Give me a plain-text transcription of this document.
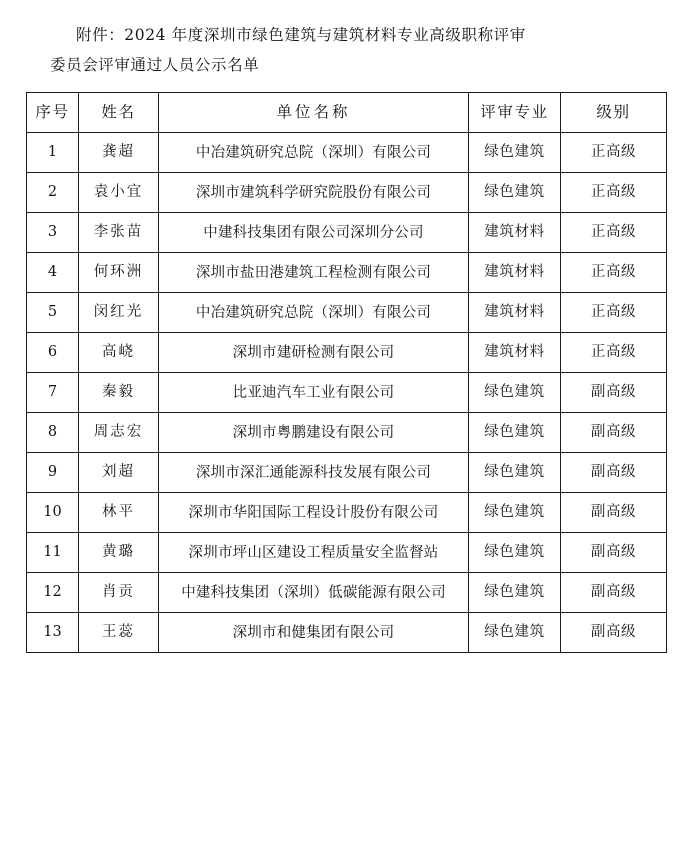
附件：2024 年度深圳市绿色建筑与建筑材料专业高级职称评审
委员会评审通过人员公示名单
序号	姓名	单位名称	评审专业	级别
1	龚超	中冶建筑研究总院（深圳）有限公司	绿色建筑	正高级
2	袁小宜	深圳市建筑科学研究院股份有限公司	绿色建筑	正高级
3	李张苗	中建科技集团有限公司深圳分公司	建筑材料	正高级
4	何环洲	深圳市盐田港建筑工程检测有限公司	建筑材料	正高级
5	闵红光	中冶建筑研究总院（深圳）有限公司	建筑材料	正高级
6	高峣	深圳市建研检测有限公司	建筑材料	正高级
7	秦毅	比亚迪汽车工业有限公司	绿色建筑	副高级
8	周志宏	深圳市粤鹏建设有限公司	绿色建筑	副高级
9	刘超	深圳市深汇通能源科技发展有限公司	绿色建筑	副高级
10	林平	深圳市华阳国际工程设计股份有限公司	绿色建筑	副高级
11	黄璐	深圳市坪山区建设工程质量安全监督站	绿色建筑	副高级
12	肖贡	中建科技集团（深圳）低碳能源有限公司	绿色建筑	副高级
13	王蕊	深圳市和健集团有限公司	绿色建筑	副高级
